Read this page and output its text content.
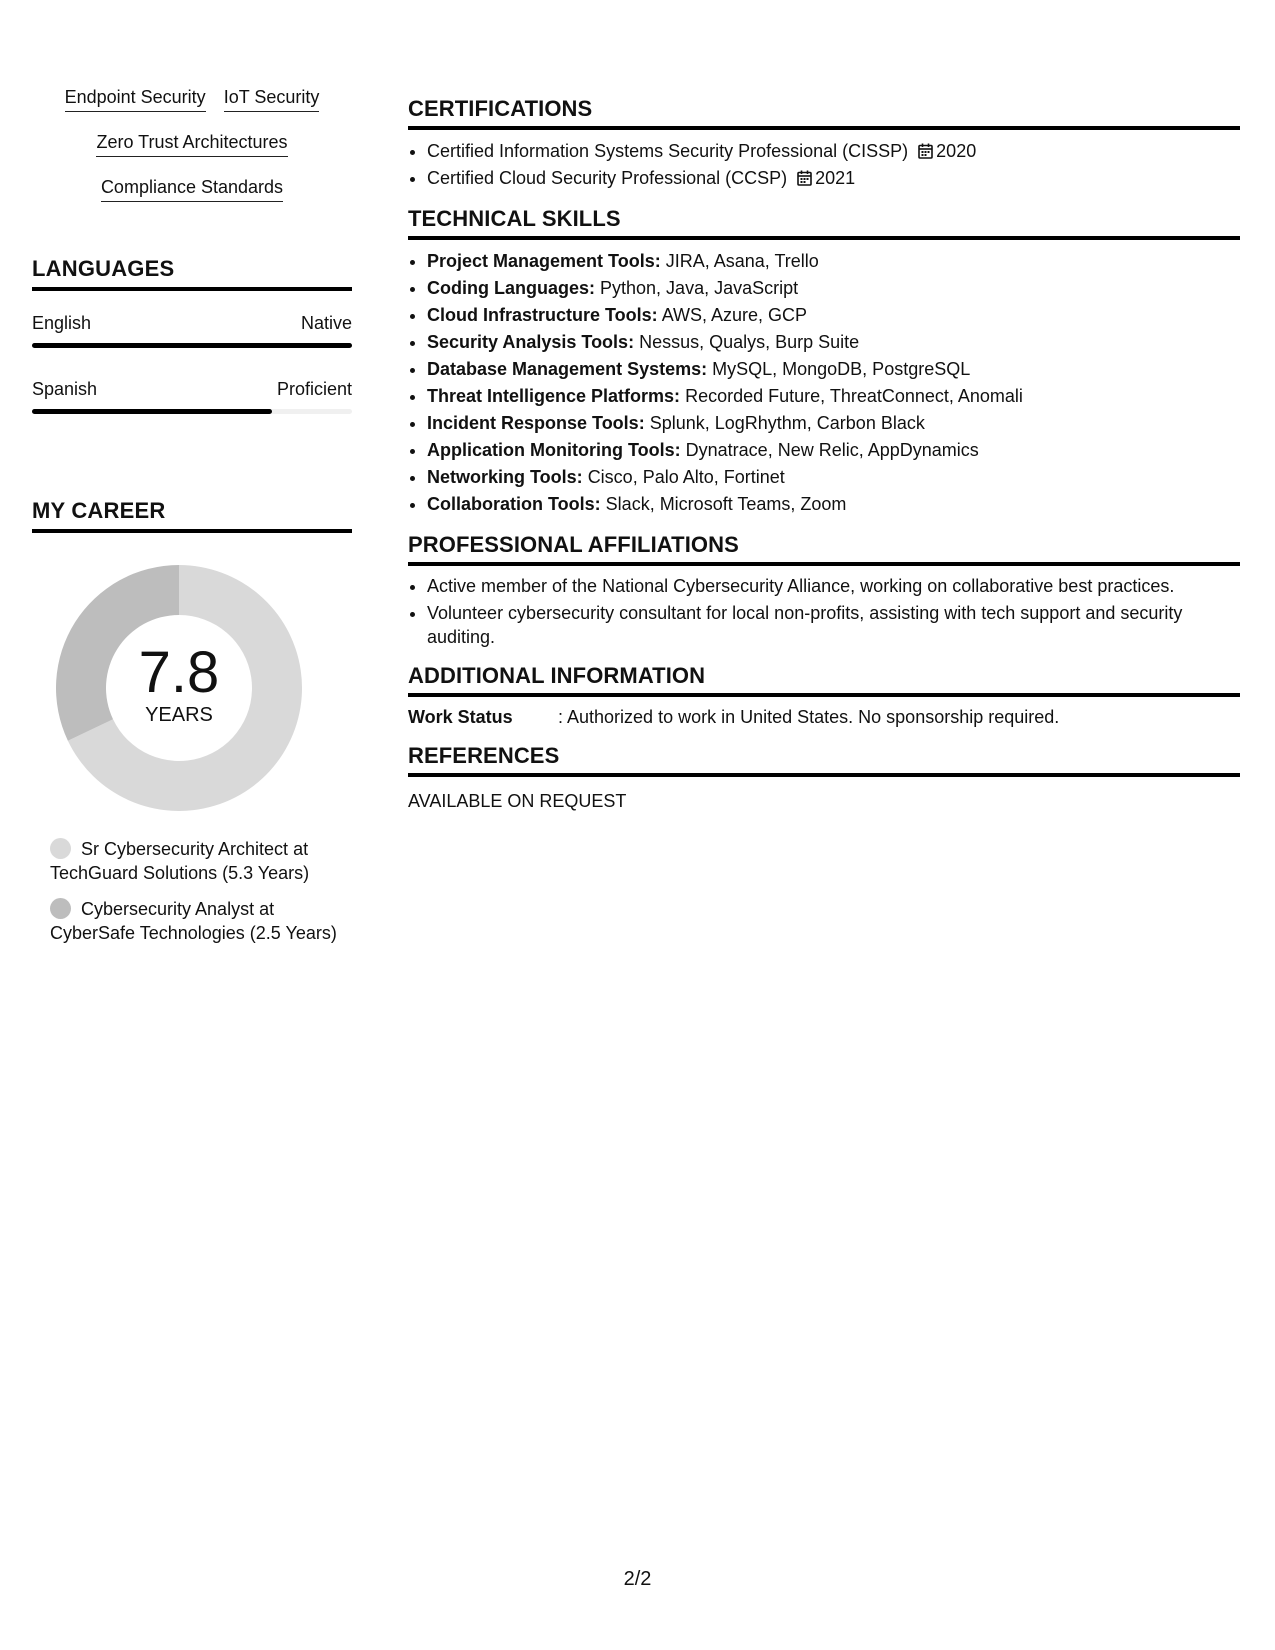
Endpoint Security IoT Security
Zero Trust Architectures
Compliance Standards
LANGUAGES
English	Native
Spanish	Proficient
MY CAREER
7.8
YEARS
Sr Cybersecurity Architect at TechGuard Solutions (5.3 Years)
Cybersecurity Analyst at CyberSafe Technologies (2.5 Years)
CERTIFICATIONS
• Certified Information Systems Security Professional (CISSP) 2020
• Certified Cloud Security Professional (CCSP) 2021
TECHNICAL SKILLS
• Project Management Tools: JIRA, Asana, Trello
• Coding Languages: Python, Java, JavaScript
• Cloud Infrastructure Tools: AWS, Azure, GCP
• Security Analysis Tools: Nessus, Qualys, Burp Suite
• Database Management Systems: MySQL, MongoDB, PostgreSQL
• Threat Intelligence Platforms: Recorded Future, ThreatConnect, Anomali
• Incident Response Tools: Splunk, LogRhythm, Carbon Black
• Application Monitoring Tools: Dynatrace, New Relic, AppDynamics
• Networking Tools: Cisco, Palo Alto, Fortinet
• Collaboration Tools: Slack, Microsoft Teams, Zoom
PROFESSIONAL AFFILIATIONS
• Active member of the National Cybersecurity Alliance, working on collaborative best practices.
• Volunteer cybersecurity consultant for local non-profits, assisting with tech support and security auditing.
ADDITIONAL INFORMATION
Work Status	: Authorized to work in United States. No sponsorship required.
REFERENCES
AVAILABLE ON REQUEST
2/2
